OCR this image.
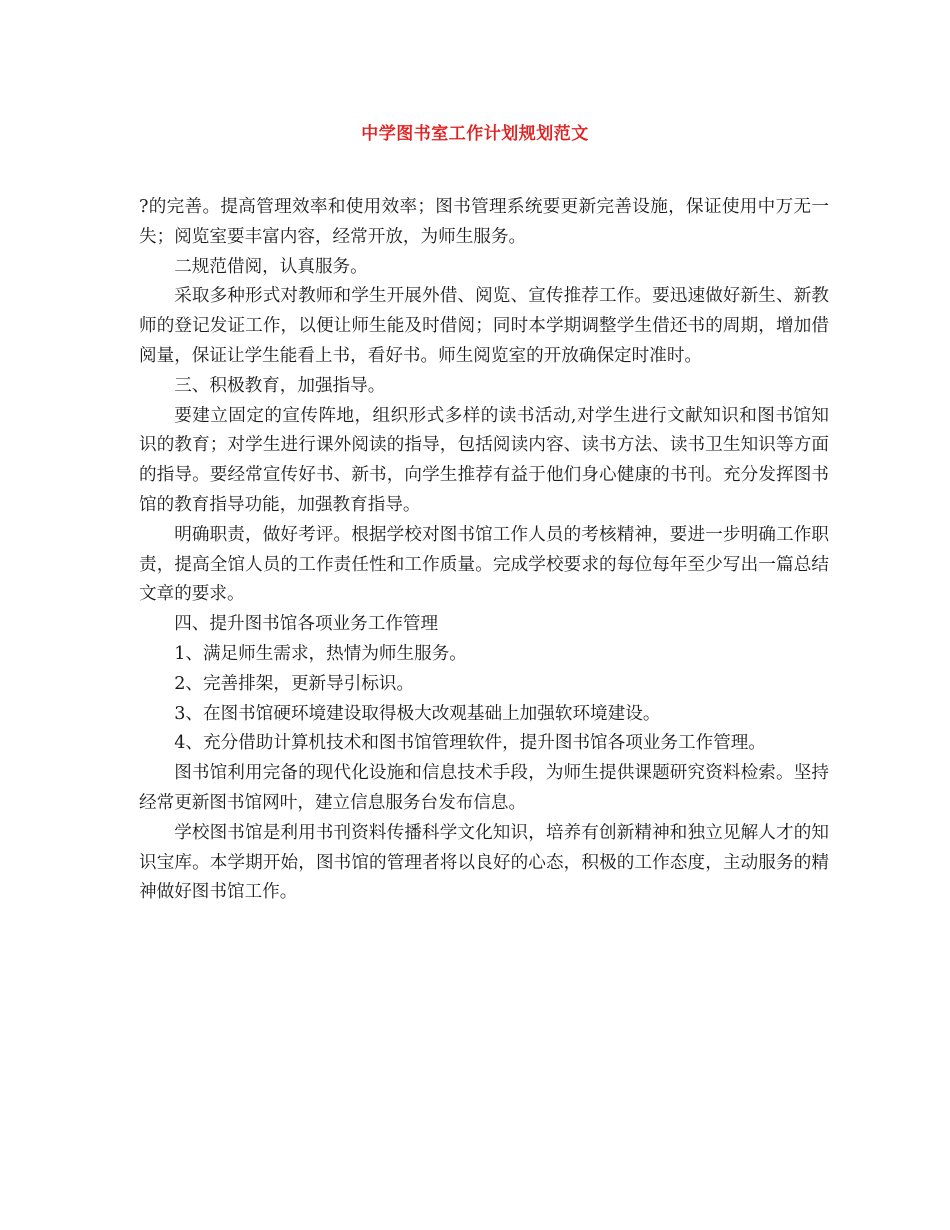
中学图书室工作计划规划范文

?的完善。提高管理效率和使用效率；图书管理系统要更新完善设施，保证使用中万无一失；阅览室要丰富内容，经常开放，为师生服务。

二规范借阅，认真服务。

采取多种形式对教师和学生开展外借、阅览、宣传推荐工作。要迅速做好新生、新教师的登记发证工作，以便让师生能及时借阅；同时本学期调整学生借还书的周期，增加借阅量，保证让学生能看上书，看好书。师生阅览室的开放确保定时准时。

三、积极教育，加强指导。

要建立固定的宣传阵地，组织形式多样的读书活动,对学生进行文献知识和图书馆知识的教育；对学生进行课外阅读的指导，包括阅读内容、读书方法、读书卫生知识等方面的指导。要经常宣传好书、新书，向学生推荐有益于他们身心健康的书刊。充分发挥图书馆的教育指导功能，加强教育指导。

明确职责，做好考评。根据学校对图书馆工作人员的考核精神，要进一步明确工作职责，提高全馆人员的工作责任性和工作质量。完成学校要求的每位每年至少写出一篇总结文章的要求。

四、提升图书馆各项业务工作管理

1、满足师生需求，热情为师生服务。

2、完善排架，更新导引标识。

3、在图书馆硬环境建设取得极大改观基础上加强软环境建设。

4、充分借助计算机技术和图书馆管理软件，提升图书馆各项业务工作管理。

图书馆利用完备的现代化设施和信息技术手段，为师生提供课题研究资料检索。坚持经常更新图书馆网叶，建立信息服务台发布信息。

学校图书馆是利用书刊资料传播科学文化知识，培养有创新精神和独立见解人才的知识宝库。本学期开始，图书馆的管理者将以良好的心态，积极的工作态度，主动服务的精神做好图书馆工作。
